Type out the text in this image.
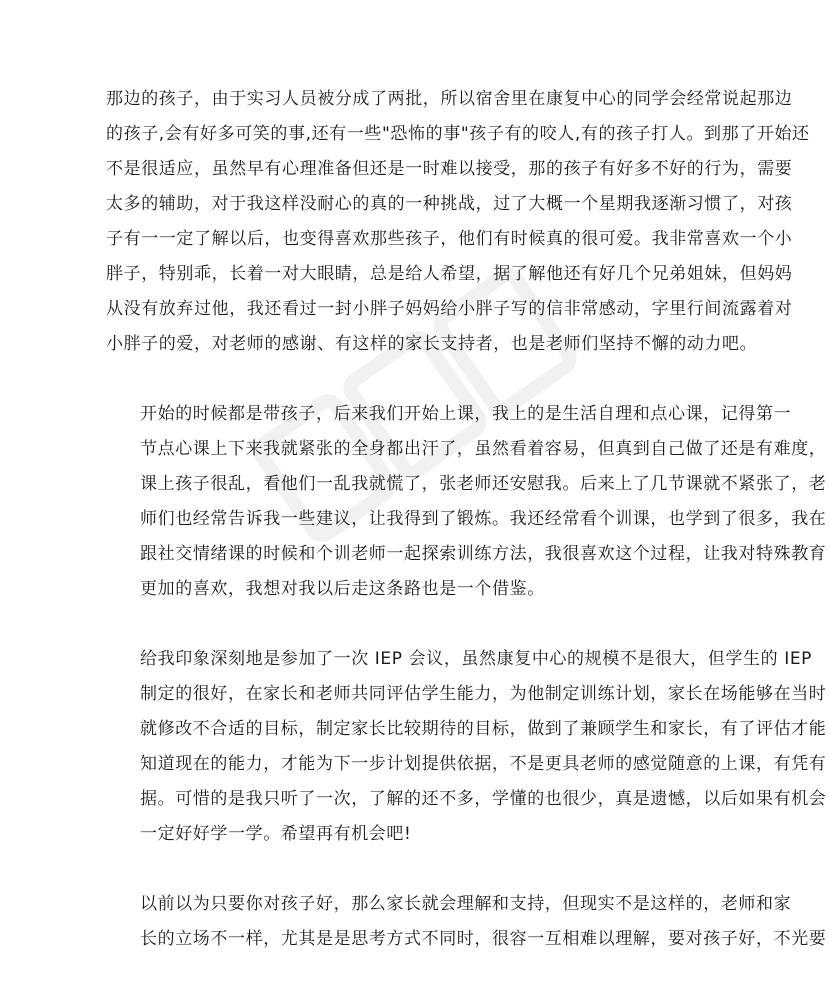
那边的孩子，由于实习人员被分成了两批，所以宿舍里在康复中心的同学会经常说起那边
的孩子,会有好多可笑的事,还有一些"恐怖的事"孩子有的咬人,有的孩子打人。到那了开始还
不是很适应，虽然早有心理准备但还是一时难以接受，那的孩子有好多不好的行为，需要
太多的辅助，对于我这样没耐心的真的一种挑战，过了大概一个星期我逐渐习惯了，对孩
子有一一定了解以后，也变得喜欢那些孩子，他们有时候真的很可爱。我非常喜欢一个小
胖子，特别乖，长着一对大眼睛，总是给人希望，据了解他还有好几个兄弟姐妹，但妈妈
从没有放弃过他，我还看过一封小胖子妈妈给小胖子写的信非常感动，字里行间流露着对
小胖子的爱，对老师的感谢、有这样的家长支持者，也是老师们坚持不懈的动力吧。

开始的时候都是带孩子，后来我们开始上课，我上的是生活自理和点心课，记得第一
节点心课上下来我就紧张的全身都出汗了，虽然看着容易，但真到自己做了还是有难度，
课上孩子很乱，看他们一乱我就慌了，张老师还安慰我。后来上了几节课就不紧张了，老
师们也经常告诉我一些建议，让我得到了锻炼。我还经常看个训课，也学到了很多，我在
跟社交情绪课的时候和个训老师一起探索训练方法，我很喜欢这个过程，让我对特殊教育
更加的喜欢，我想对我以后走这条路也是一个借鉴。

给我印象深刻地是参加了一次 IEP 会议，虽然康复中心的规模不是很大，但学生的 IEP
制定的很好，在家长和老师共同评估学生能力，为他制定训练计划，家长在场能够在当时
就修改不合适的目标，制定家长比较期待的目标，做到了兼顾学生和家长，有了评估才能
知道现在的能力，才能为下一步计划提供依据，不是更具老师的感觉随意的上课，有凭有
据。可惜的是我只听了一次，了解的还不多，学懂的也很少，真是遗憾，以后如果有机会
一定好好学一学。希望再有机会吧!

以前以为只要你对孩子好，那么家长就会理解和支持，但现实不是这样的，老师和家
长的立场不一样，尤其是是思考方式不同时，很容一互相难以理解，要对孩子好，不光要
